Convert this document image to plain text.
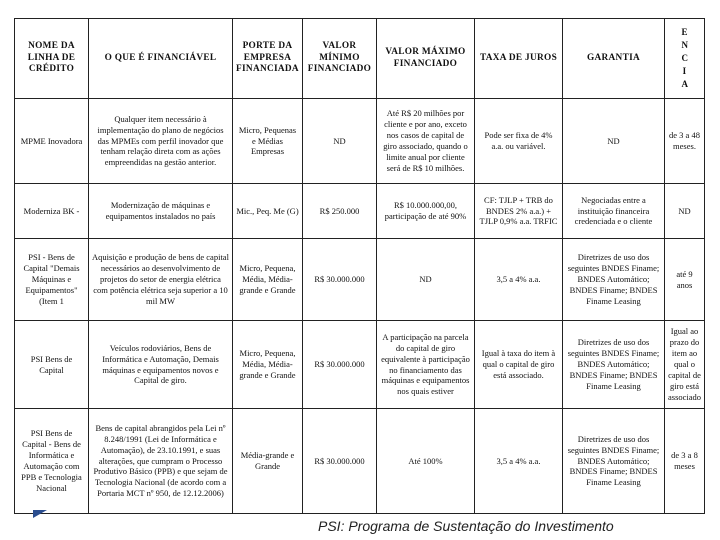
NOME DA LINHA DE CRÉDITO	O QUE É FINANCIÁVEL	PORTE DA EMPRESA FINANCIADA	VALOR MÍNIMO FINANCIADO	VALOR MÁXIMO FINANCIADO	TAXA DE JUROS	GARANTIA	E N C I A

MPME Inovadora	Qualquer item necessário à implementação do plano de negócios das MPMEs com perfil inovador que tenham relação direta com as ações empreendidas na gestão anterior.	Micro, Pequenas e Médias Empresas	ND	Até R$ 20 milhões por cliente e por ano, exceto nos casos de capital de giro associado, quando o limite anual por cliente será de R$ 10 milhões.	Pode ser fixa de 4% a.a. ou variável.	ND	de 3 a 48 meses.
Moderniza BK -	Modernização de máquinas e equipamentos instalados no país	Mic., Peq. Me (G)	R$ 250.000	R$ 10.000.000,00, participação de até 90%	CF: TJLP + TRB do BNDES 2% a.a.) + TJLP 0,9% a.a. TRFIC	Negociadas entre a instituição financeira credenciada e o cliente	ND
PSI - Bens de Capital "Demais Máquinas e Equipamentos" (Item 1	Aquisição e produção de bens de capital necessários ao desenvolvimento de projetos do setor de energia elétrica com potência elétrica seja superior a 10 mil MW	Micro, Pequena, Média, Média-grande e Grande	R$ 30.000.000	ND	3,5 a 4% a.a.	Diretrizes de uso dos seguintes BNDES Finame; BNDES Automático; BNDES Finame; BNDES Finame Leasing	até 9 anos
PSI Bens de Capital	Veículos rodoviários, Bens de Informática e Automação, Demais máquinas e equipamentos novos e Capital de giro.	Micro, Pequena, Média, Média-grande e Grande	R$ 30.000.000	A participação na parcela do capital de giro equivalente à participação no financiamento das máquinas e equipamentos nos quais estiver	Igual à taxa do item à qual o capital de giro está associado.	Diretrizes de uso dos seguintes BNDES Finame; BNDES Automático; BNDES Finame; BNDES Finame Leasing	Igual ao prazo do item ao qual o capital de giro está associado
PSI Bens de Capital - Bens de Informática e Automação com PPB e Tecnologia Nacional	Bens de capital abrangidos pela Lei nº 8.248/1991 (Lei de Informática e Automação), de 23.10.1991, e suas alterações, que cumpram o Processo Produtivo Básico (PPB) e que sejam de Tecnologia Nacional (de acordo com a Portaria MCT nº 950, de 12.12.2006)	Média-grande e Grande	R$ 30.000.000	Até 100%	3,5 a 4% a.a.	Diretrizes de uso dos seguintes BNDES Finame; BNDES Automático; BNDES Finame; BNDES Finame Leasing	de 3 a 8 meses
PSI: Programa de Sustentação do Investimento
